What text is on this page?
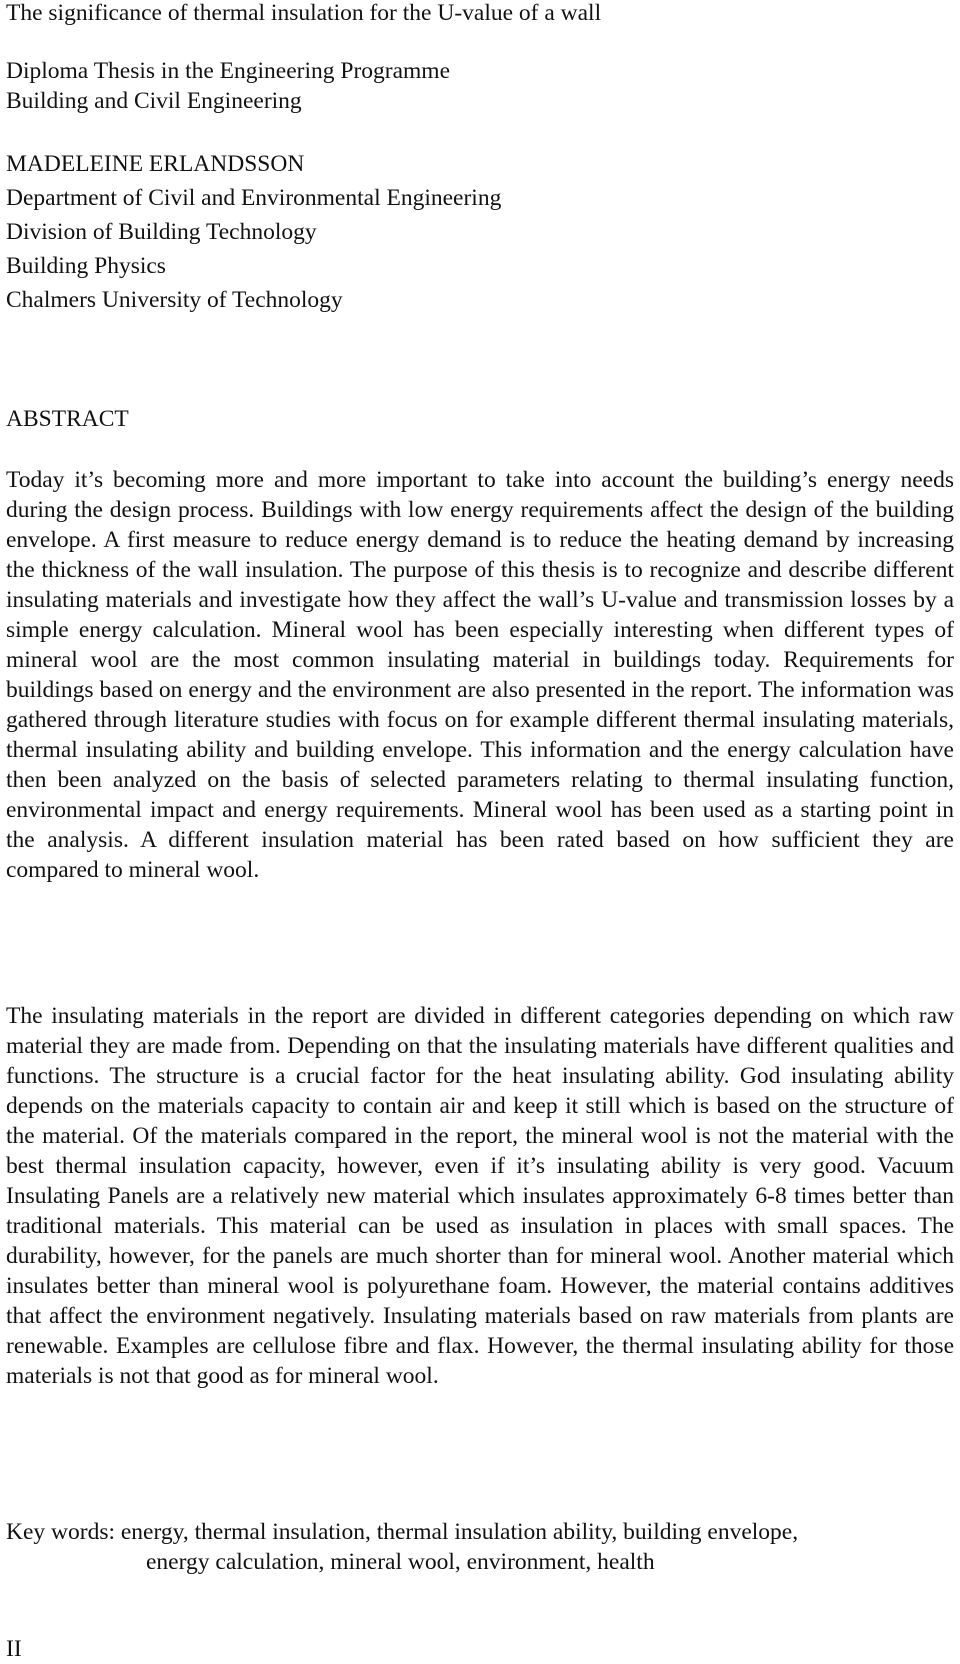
The significance of thermal insulation for the U-value of a wall
Diploma Thesis in the Engineering Programme
Building and Civil Engineering
MADELEINE ERLANDSSON
Department of Civil and Environmental Engineering
Division of Building Technology
Building Physics
Chalmers University of Technology
ABSTRACT

Today it’s becoming more and more important to take into account the building’s energy needs during the design process. Buildings with low energy requirements affect the design of the building envelope. A first measure to reduce energy demand is to reduce the heating demand by increasing the thickness of the wall insulation. The purpose of this thesis is to recognize and describe different insulating materials and investigate how they affect the wall’s U-value and transmission losses by a simple energy calculation. Mineral wool has been especially interesting when different types of mineral wool are the most common insulating material in buildings today. Requirements for buildings based on energy and the environment are also presented in the report. The information was gathered through literature studies with focus on for example different thermal insulating materials, thermal insulating ability and building envelope. This information and the energy calculation have then been analyzed on the basis of selected parameters relating to thermal insulating function, environmental impact and energy requirements. Mineral wool has been used as a starting point in the analysis. A different insulation material has been rated based on how sufficient they are compared to mineral wool.

The insulating materials in the report are divided in different categories depending on which raw material they are made from. Depending on that the insulating materials have different qualities and functions. The structure is a crucial factor for the heat insulating ability. God insulating ability depends on the materials capacity to contain air and keep it still which is based on the structure of the material. Of the materials compared in the report, the mineral wool is not the material with the best thermal insulation capacity, however, even if it’s insulating ability is very good. Vacuum Insulating Panels are a relatively new material which insulates approximately 6-8 times better than traditional materials. This material can be used as insulation in places with small spaces. The durability, however, for the panels are much shorter than for mineral wool. Another material which insulates better than mineral wool is polyurethane foam. However, the material contains additives that affect the environment negatively. Insulating materials based on raw materials from plants are renewable. Examples are cellulose fibre and flax. However, the thermal insulating ability for those materials is not that good as for mineral wool.

Key words: energy, thermal insulation, thermal insulation ability, building envelope,
energy calculation, mineral wool, environment, health
II
